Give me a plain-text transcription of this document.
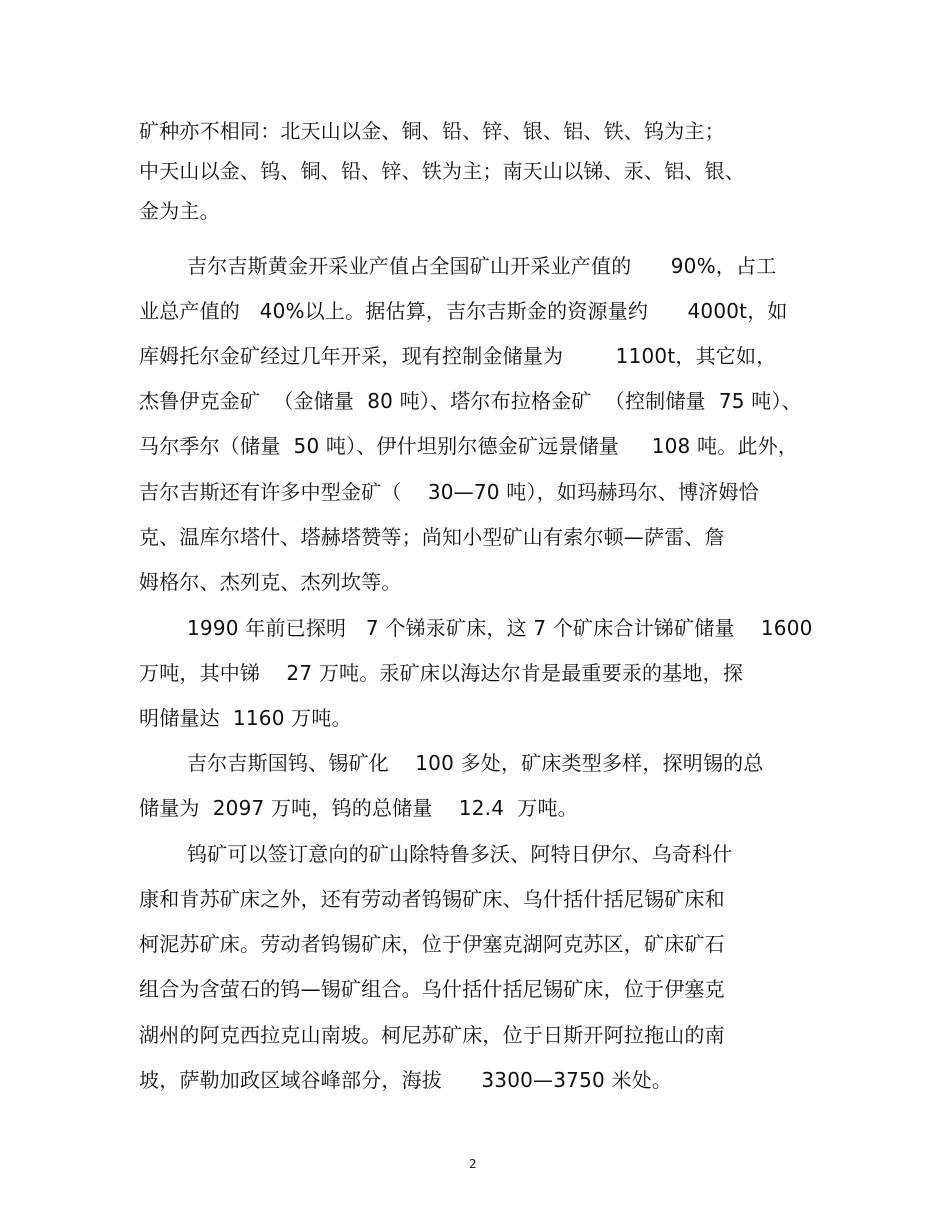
矿种亦不相同：北天山以金、铜、铅、锌、银、铝、铁、钨为主；
中天山以金、钨、铜、铅、锌、铁为主；南天山以锑、汞、铝、银、
金为主。
吉尔吉斯黄金开采业产值占全国矿山开采业产值的      90%，占工
业总产值的   40%以上。据估算，吉尔吉斯金的资源量约      4000t，如
库姆托尔金矿经过几年开采，现有控制金储量为        1100t，其它如，
杰鲁伊克金矿  （金储量  80 吨）、塔尔布拉格金矿  （控制储量  75 吨）、
马尔季尔（储量  50 吨）、伊什坦别尔德金矿远景储量     108 吨。此外，
吉尔吉斯还有许多中型金矿（    30—70 吨），如玛赫玛尔、博济姆恰
克、温库尔塔什、塔赫塔赞等；尚知小型矿山有索尔顿—萨雷、詹
姆格尔、杰列克、杰列坎等。
1990 年前已探明   7 个锑汞矿床，这 7 个矿床合计锑矿储量    1600
万吨，其中锑    27 万吨。汞矿床以海达尔肯是最重要汞的基地，探
明储量达  1160 万吨。
吉尔吉斯国钨、锡矿化    100 多处，矿床类型多样，探明锡的总
储量为  2097 万吨，钨的总储量    12.4  万吨。
钨矿可以签订意向的矿山除特鲁多沃、阿特日伊尔、乌奇科什
康和肯苏矿床之外，还有劳动者钨锡矿床、乌什括什括尼锡矿床和
柯泥苏矿床。劳动者钨锡矿床，位于伊塞克湖阿克苏区，矿床矿石
组合为含萤石的钨—锡矿组合。乌什括什括尼锡矿床，位于伊塞克
湖州的阿克西拉克山南坡。柯尼苏矿床，位于日斯开阿拉拖山的南
坡，萨勒加政区域谷峰部分，海拔      3300—3750 米处。
2
